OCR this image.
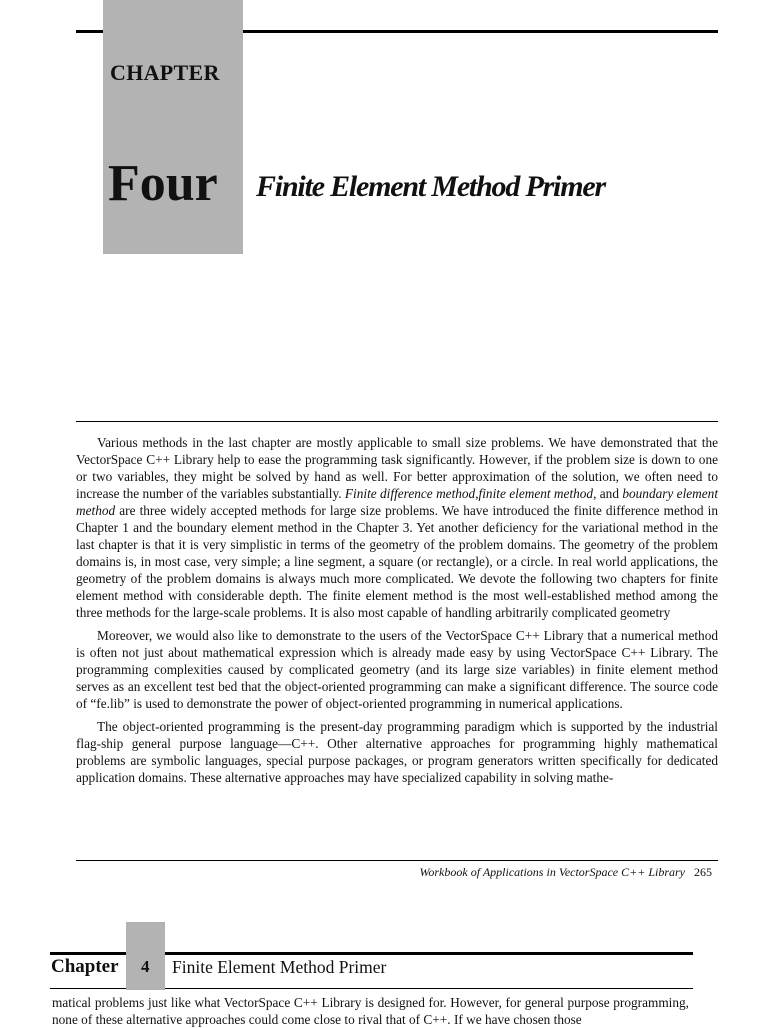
CHAPTER
Four Finite Element Method Primer

Various methods in the last chapter are mostly applicable to small size problems. We have demonstrated that the VectorSpace C++ Library help to ease the programming task significantly. However, if the problem size is down to one or two variables, they might be solved by hand as well. For better approximation of the solution, we often need to increase the number of the variables substantially. Finite difference method,finite element method, and boundary element method are three widely accepted methods for large size problems. We have introduced the finite difference method in Chapter 1 and the boundary element method in the Chapter 3. Yet another deficiency for the variational method in the last chapter is that it is very simplistic in terms of the geometry of the problem domains. The geometry of the problem domains is, in most case, very simple; a line segment, a square (or rectangle), or a circle. In real world applications, the geometry of the problem domains is always much more complicated. We devote the following two chapters for finite element method with considerable depth. The finite element method is the most well-established method among the three methods for the large-scale problems. It is also most capable of handling arbitrarily complicated geometry

Moreover, we would also like to demonstrate to the users of the VectorSpace C++ Library that a numerical method is often not just about mathematical expression which is already made easy by using VectorSpace C++ Library. The programming complexities caused by complicated geometry (and its large size variables) in finite element method serves as an excellent test bed that the object-oriented programming can make a significant difference. The source code of “fe.lib” is used to demonstrate the power of object-oriented programming in numerical applications.

The object-oriented programming is the present-day programming paradigm which is supported by the industrial flag-ship general purpose language—C++. Other alternative approaches for programming highly mathematical problems are symbolic languages, special purpose packages, or program generators written specifically for dedicated application domains. These alternative approaches may have specialized capability in solving mathe-

Workbook of Applications in VectorSpace C++ Library 265
Chapter 4 Finite Element Method Primer

matical problems just like what VectorSpace C++ Library is designed for. However, for general purpose programming, none of these alternative approaches could come close to rival that of C++. If we have chosen those
